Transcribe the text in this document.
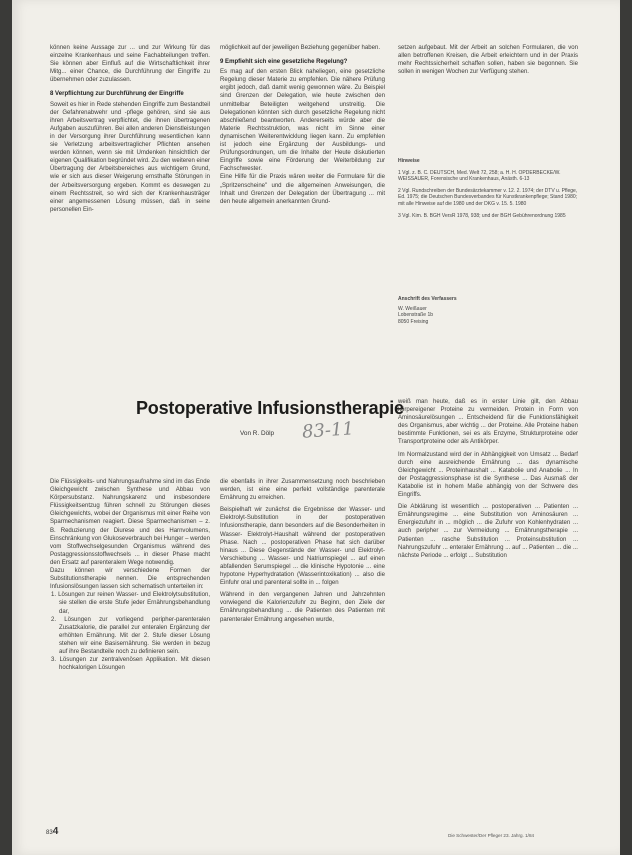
können keine Aussage zur ... und zur Wirkung für das einzelne Krankenhaus und seine Fachabteilungen treffen. Sie können aber Einfluß auf die Wirtschaftlichkeit ihrer Mitg... einer Chance, die Durchführung der Eingriffe zu übernehmen oder zuzulassen.

8 Verpflichtung zur Durchführung der Eingriffe

Soweit es hier in Rede stehenden Eingriffe zum Bestandteil der Gefahrenabwehr und -pflege gehören, sind sie aus ihren Arbeitsvertrag verpflichtet, die ihnen übertragenen Aufgaben auszuführen. Bei allen anderen Dienstleistungen in der Versorgung ihrer Durchführung wesentlichen kann sie Verletzung arbeitsvertraglicher Pflichten ansehen werden können, wenn sie mit Umdenken hinsichtlich der eigenen Qualifikation begründet wird. Zu den weiteren einer Übertragung der Arbeitsbereiches aus wichtigem Grund, wie er sich aus dieser Weigerung ernsthafte Störungen in der Arbeitsversorgung ergeben. Kommt es deswegen zu einem Rechtsstreit, so wird sich der Krankenhausträger einer angemessenen Lösung müssen, daß in seine personellen Ein-

möglichkeit auf der jeweiligen Beziehung gegenüber haben.

9 Empfiehlt sich eine gesetzliche Regelung?

Es mag auf den ersten Blick naheliegen, eine gesetzliche Regelung dieser Materie zu empfehlen. Die nähere Prüfung ergibt jedoch, daß damit wenig gewonnen wäre. Zu Beispiel sind Grenzen der Delegation, wie heute zwischen den unmittelbar Beteiligten weitgehend unstreitig. Die Delegationen könnten sich durch gesetzliche Regelung nicht abschließend beantworten. Andererseits würde aber die Materie Rechtsstruktion, was nicht im Sinne einer dynamischen Weiterentwicklung liegen kann. Zu empfehlen ist jedoch eine Ergänzung der Ausbildungs- und Prüfungsordnungen, um die Inhalte der Heute diskutierten Eingriffe sowie eine Förderung der Weiterbildung zur Fachschwester.

Eine Hilfe für die Praxis wären weiter die Formulare für die „Spritzenscheine" und die allgemeinen Anweisungen, die Inhalt und Grenzen der Delegation der Übertragung ... mit den heute allgemein anerkannten Grund-

setzen aufgebaut. Mit der Arbeit an solchen Formularen, die von allen betroffenen Kreisen, die Arbeit erleichtern und in der Praxis mehr Rechtssicherheit schaffen sollen, haben sie begonnen. Sie sollen in wenigen Wochen zur Verfügung stehen.

Hinweise
1 Vgl. z. B. C. DEUTSCH, Med. Welt 72, 258; a. H. H. OPDERBECKE/W. WEISSAUER, Forensische und Krankenhaus, Anästh. 6-13
2 Vgl. Rundschreiben der Bundesärztekammer v. 12. 2. 1974; der DTV u. Pflege, Ed. 1975; die Deutschen Bundesverbandes für Kunstkrankenpflege; Stand 1980; mit alle Hinweise auf die 1980 und der DKG v. 15. 5. 1980
3 Vgl. Kim. B. BGH VersR 1978, 938; und der BGH Gebührenordnung 1985
Anschrift des Verfassers
W. Weißauer
Lobenstraße 1b
8050 Freising
Postoperative Infusionstherapie
Von R. Dölp 83-11

Die Flüssigkeits- und Nahrungsaufnahme sind im das Ende Gleichgewicht zwischen Synthese und Abbau von Körpersubstanz. Nahrungskarenz und insbesondere Flüssigkeitsentzug führen schnell zu Störungen dieses Gleichgewichts, wobei der Organismus mit einer Reihe von Sparmechanismen reagiert. Diese Sparmechanismen – z. B. Reduzierung der Diurese und des Harnvolumens, Einschränkung von Glukoseverbrauch bei Hunger – werden vom Stoffwechselgesunden Organismus während des Postaggressionsstoffwechsels ... in dieser Phase macht den Ersatz auf parenteralem Wege notwendig.

Dazu können wir verschiedene Formen der Substitutionstherapie nennen. Die entsprechenden Infusionslösungen lassen sich schematisch unterteilen in:

1. Lösungen zur reinen Wasser- und Elektrolytsubstitution, sie stellen die erste Stufe jeder Ernährungsbehandlung dar,
2. Lösungen zur vorliegend peripher-parenteralen Zusatzkalorie, die parallel zur enteralen Ergänzung der erhöhten Ernährung. Mit der 2. Stufe dieser Lösung stehen wir eine Basisernährung. Sie werden in bezug auf ihre Bestandteile noch zu definieren sein.
3. Lösungen zur zentralvenösen Applikation. Mit diesen hochkalorigen Lösungen

die ebenfalls in ihrer Zusammensetzung noch beschrieben werden, ist eine eine perfekt vollständige parenterale Ernährung zu erreichen.

Beispielhaft wir zunächst die Ergebnisse der Wasser- und Elektrolyt-Substitution in der postoperativen Infusionstherapie, dann besonders auf die Besonderheiten in Wasser- Elektrolyt-Haushalt während der postoperativen Phase. Nach ... postoperativen Phase hat sich darüber hinaus ... Diese Gegenstände der Wasser- und Elektrolyt-Verschiebung ... Wasser- und Natriumspiegel ... auf einen abfallenden Serumspiegel ... die klinische Hypotonie ... eine hypotone Hyperhydratation (Wasserintoxikation) ... also die Einfuhr oral und parenteral sollte in ... folgen

Während in den vergangenen Jahren und Jahrzehnten vorwiegend die Kalorienzufuhr zu Beginn, den Ziele der Ernährungsbehandlung ... die Patienten des Patienten mit parenteraler Ernährung angesehen wurde,

weiß man heute, daß es in erster Linie gilt, den Abbau körpereigener Proteine zu vermeiden. Protein in Form von Aminosäurelösungen ... Entscheidend für die Funktionsfähigkeit des Organismus, aber wichtig ... der Proteine. Alle Proteine haben bestimmte Funktionen, sei es als Enzyme, Strukturproteine oder Transportproteine oder als Antikörper.

Im Normalzustand wird der in Abhängigkeit von Umsatz ... Bedarf durch eine ausreichende Ernährung ... das dynamische Gleichgewicht ... Proteinhaushalt ... Katabolie und Anabolie ... In der Postaggressionsphase ist die Synthese ... Das Ausmaß der Katabolie ist in hohem Maße abhängig von der Schwere des Eingriffs.

Die Abklärung ist wesentlich ... postoperativen ... Patienten ... Ernährungsregime ... eine Substitution von Aminosäuren ... Energiezufuhr in ... möglich ... die Zufuhr von Kohlenhydraten ... auch peripher ... zur Vermeidung ... Ernährungstherapie ... Patienten ... rasche Substitution ... Proteinsubstitution ... Nahrungszufuhr ... enteraler Ernährung ... auf ... Patienten ... die ... nächste Periode ... erfolgt ... Substitution

834	Die Schwester/Der Pfleger 23. Jahrg. 1/84
